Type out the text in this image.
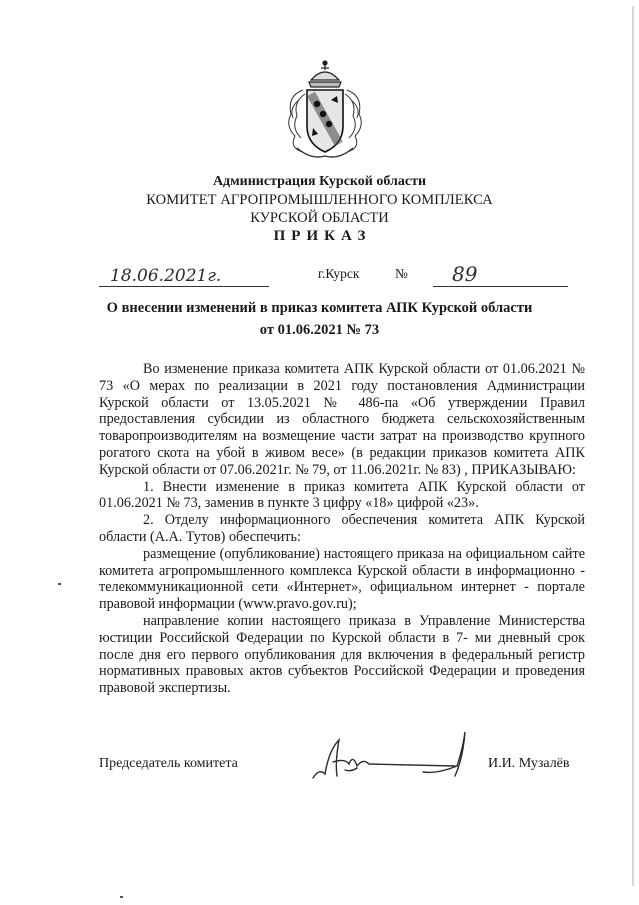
Администрация Курской области
КОМИТЕТ АГРОПРОМЫШЛЕННОГО КОМПЛЕКСА
КУРСКОЙ ОБЛАСТИ
ПРИКАЗ
18.06.2021г.	г.Курск	№ 89
О внесении изменений в приказ комитета АПК Курской области
от 01.06.2021 № 73

Во изменение приказа комитета АПК Курской области от 01.06.2021 № 73 «О мерах по реализации в 2021 году постановления Администрации Курской области от 13.05.2021 № 486-па «Об утверждении Правил предоставления субсидии из областного бюджета сельскохозяйственным товаропроизводителям на возмещение части затрат на производство крупного рогатого скота на убой в живом весе» (в редакции приказов комитета АПК Курской области от 07.06.2021г. № 79, от 11.06.2021г. № 83) , ПРИКАЗЫВАЮ:

1. Внести изменение в приказ комитета АПК Курской области от 01.06.2021 № 73, заменив в пункте 3 цифру «18» цифрой «23».

2. Отделу информационного обеспечения комитета АПК Курской области (А.А. Тутов) обеспечить:

размещение (опубликование) настоящего приказа на официальном сайте комитета агропромышленного комплекса Курской области в информационно - телекоммуникационной сети «Интернет», официальном интернет - портале правовой информации (www.pravo.gov.ru);

направление копии настоящего приказа в Управление Министерства юстиции Российской Федерации по Курской области в 7- ми дневный срок после дня его первого опубликования для включения в федеральный регистр нормативных правовых актов субъектов Российской Федерации и проведения правовой экспертизы.

Председатель комитета	И.И. Музалёв
